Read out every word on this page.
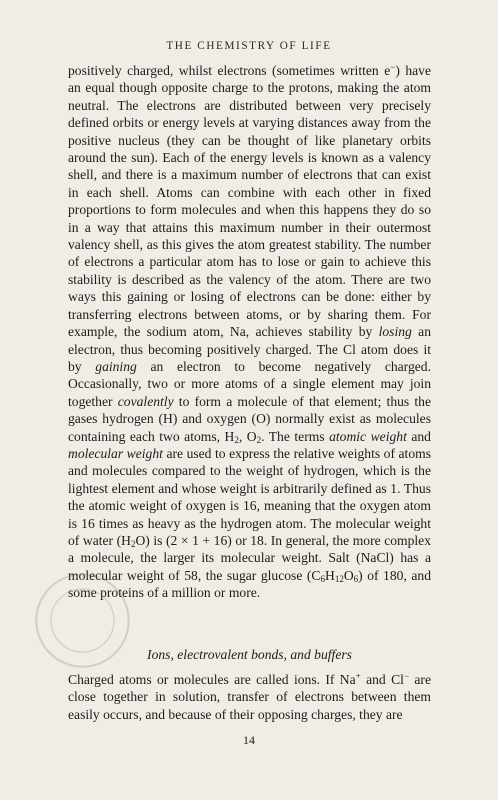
THE CHEMISTRY OF LIFE

positively charged, whilst electrons (sometimes written e−) have an equal though opposite charge to the protons, making the atom neutral. The electrons are distributed between very precisely defined orbits or energy levels at varying distances away from the positive nucleus (they can be thought of like planetary orbits around the sun). Each of the energy levels is known as a valency shell, and there is a maximum number of electrons that can exist in each shell. Atoms can combine with each other in fixed proportions to form molecules and when this happens they do so in a way that attains this maximum number in their outermost valency shell, as this gives the atom greatest stability. The number of electrons a particular atom has to lose or gain to achieve this stability is described as the valency of the atom. There are two ways this gaining or losing of electrons can be done: either by transferring electrons between atoms, or by sharing them. For example, the sodium atom, Na, achieves stability by losing an electron, thus becoming positively charged. The Cl atom does it by gaining an electron to become negatively charged. Occasionally, two or more atoms of a single element may join together covalently to form a molecule of that element; thus the gases hydrogen (H) and oxygen (O) normally exist as molecules containing each two atoms, $H_2$, $O_2$. The terms atomic weight and molecular weight are used to express the relative weights of atoms and molecules compared to the weight of hydrogen, which is the lightest element and whose weight is arbitrarily defined as 1. Thus the atomic weight of oxygen is 16, meaning that the oxygen atom is 16 times as heavy as the hydrogen atom. The molecular weight of water $(H_2O)$ is (2 × 1 + 16) or 18. In general, the more complex a molecule, the larger its molecular weight. Salt (NaCl) has a molecular weight of 58, the sugar glucose $(C_6H_{12}O_6)$ of 180, and some proteins of a million or more.

Ions, electrovalent bonds, and buffers

Charged atoms or molecules are called ions. If Na+ and Cl− are close together in solution, transfer of electrons between them easily occurs, and because of their opposing charges, they are

14
